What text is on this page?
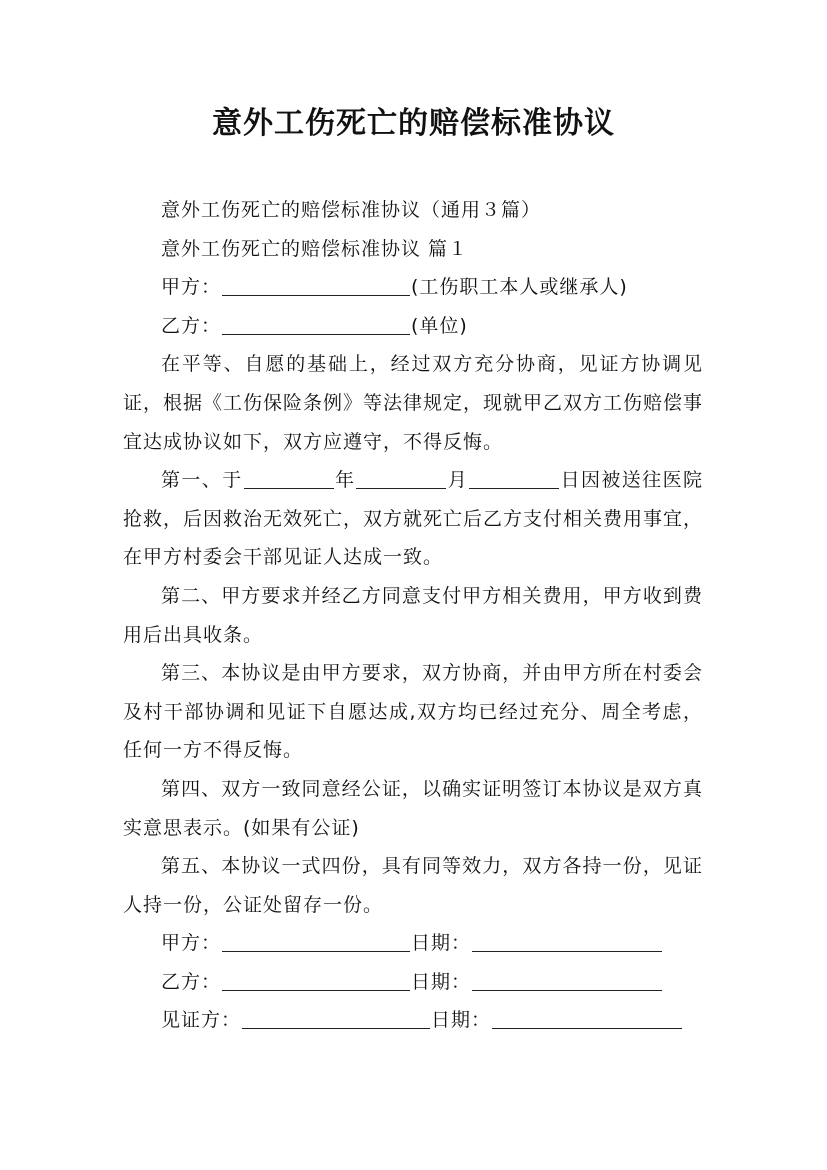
意外工伤死亡的赔偿标准协议

意外工伤死亡的赔偿标准协议（通用３篇）

意外工伤死亡的赔偿标准协议 篇１

甲方：	(工伤职工本人或继承人)

乙方：	(单位)

在平等、自愿的基础上，经过双方充分协商，见证方协调见证，根据《工伤保险条例》等法律规定，现就甲乙双方工伤赔偿事宜达成协议如下，双方应遵守，不得反悔。

第一、于	年	月	日因被送往医院抢救，后因救治无效死亡，双方就死亡后乙方支付相关费用事宜，在甲方村委会干部见证人达成一致。

第二、甲方要求并经乙方同意支付甲方相关费用，甲方收到费用后出具收条。

第三、本协议是由甲方要求，双方协商，并由甲方所在村委会及村干部协调和见证下自愿达成,双方均已经过充分、周全考虑，任何一方不得反悔。

第四、双方一致同意经公证，以确实证明签订本协议是双方真实意思表示。(如果有公证)

第五、本协议一式四份，具有同等效力，双方各持一份，见证人持一份，公证处留存一份。

甲方：	日期：

乙方：	日期：

见证方：	日期：
